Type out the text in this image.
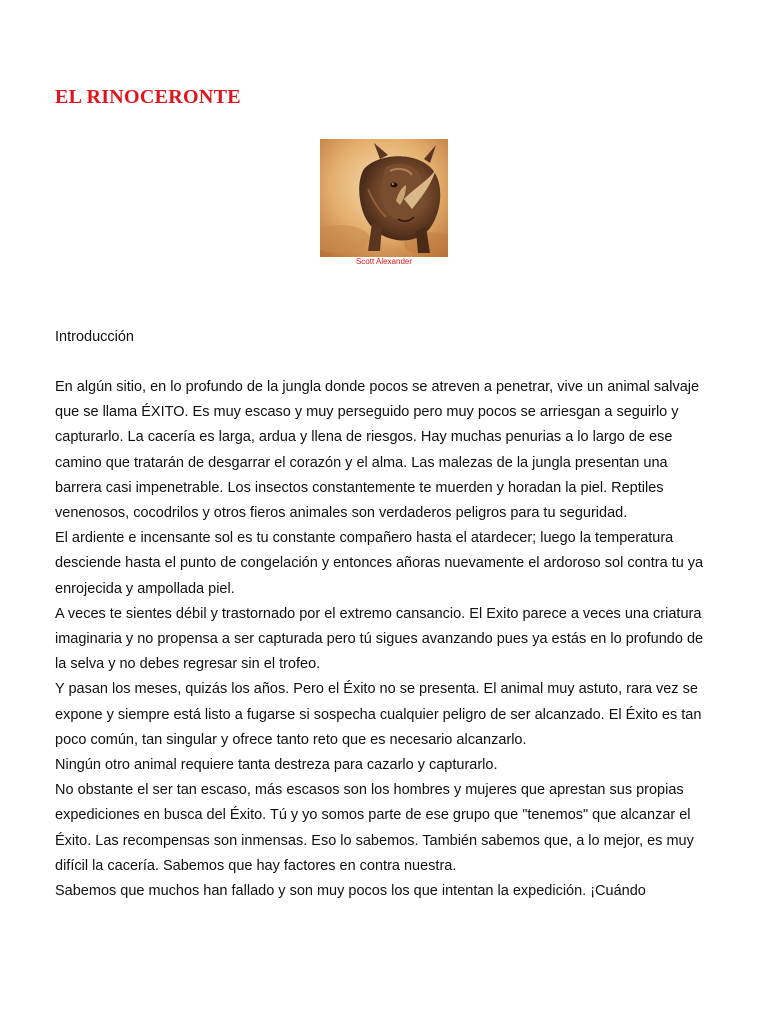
EL RINOCERONTE
Scott Alexander
Introducción

En algún sitio, en lo profundo de la jungla donde pocos se atreven a penetrar, vive un animal salvaje que se llama ÉXITO. Es muy escaso y muy perseguido pero muy pocos se arriesgan a seguirlo y capturarlo. La cacería es larga, ardua y llena de riesgos. Hay muchas penurias a lo largo de ese camino que tratarán de desgarrar el corazón y el alma. Las malezas de la jungla presentan una barrera casi impenetrable. Los insectos constantemente te muerden y horadan la piel. Reptiles venenosos, cocodrilos y otros fieros animales son verdaderos peligros para tu seguridad.

El ardiente e incensante sol es tu constante compañero hasta el atardecer; luego la temperatura desciende hasta el punto de congelación y entonces añoras nuevamente el ardoroso sol contra tu ya enrojecida y ampollada piel.

A veces te sientes débil y trastornado por el extremo cansancio. El Exito parece a veces una criatura imaginaria y no propensa a ser capturada pero tú sigues avanzando pues ya estás en lo profundo de la selva y no debes regresar sin el trofeo.

Y pasan los meses, quizás los años. Pero el Éxito no se presenta. El animal muy astuto, rara vez se expone y siempre está listo a fugarse si sospecha cualquier peligro de ser alcanzado. El Éxito es tan poco común, tan singular y ofrece tanto reto que es necesario alcanzarlo.

Ningún otro animal requiere tanta destreza para cazarlo y capturarlo.

No obstante el ser tan escaso, más escasos son los hombres y mujeres que aprestan sus propias expediciones en busca del Éxito. Tú y yo somos parte de ese grupo que "tenemos" que alcanzar el Éxito. Las recompensas son inmensas. Eso lo sabemos. También sabemos que, a lo mejor, es muy difícil la cacería. Sabemos que hay factores en contra nuestra.

Sabemos que muchos han fallado y son muy pocos los que intentan la expedición. ¡Cuándo
